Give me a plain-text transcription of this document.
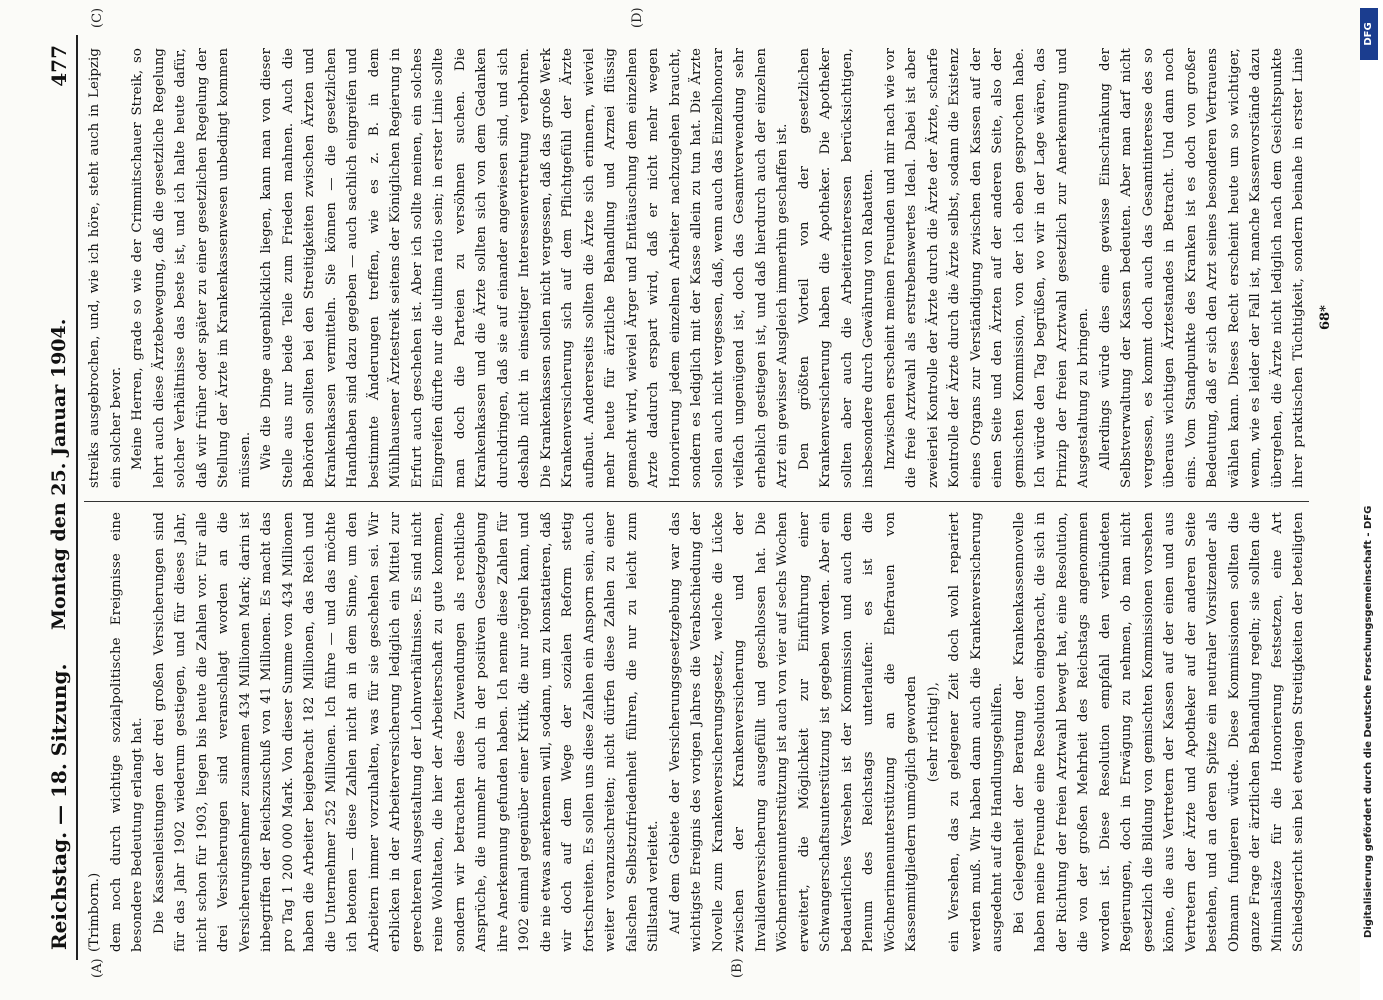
Reichstag. — 18. Sitzung.
Montag den 25. Januar 1904.
477
(A)	(B)
(C)	(D)

(Trimborn.) dem noch durch wichtige sozialpolitische Ereignisse eine besondere Bedeutung erlangt hat. Die Kassenleistungen der drei großen Versicherungen sind für das Jahr 1902 wiederum gestiegen, und für dieses Jahr, nicht schon für 1903, liegen bis heute die Zahlen vor. Für alle drei Versicherungen sind veranschlagt worden an die Versicherungsnehmer zusammen 434 Millionen Mark; darin ist inbegriffen der Reichszuschuß von 41 Millionen. Es macht das pro Tag 1 200 000 Mark. Von dieser Summe von 434 Millionen haben die Arbeiter beigebracht 182 Millionen, das Reich und die Unternehmer 252 Millionen. Ich führe — und das möchte ich betonen — diese Zahlen nicht an in dem Sinne, um den Arbeitern immer vorzuhalten, was für sie geschehen sei. Wir erblicken in der Arbeiterversicherung lediglich ein Mittel zur gerechteren Ausgestaltung der Lohnverhältnisse. Es sind nicht reine Wohltaten, die hier der Arbeiterschaft zu gute kommen, sondern wir betrachten diese Zuwendungen als rechtliche Ansprüche, die nunmehr auch in der positiven Gesetzgebung ihre Anerkennung gefunden haben. Ich nenne diese Zahlen für 1902 einmal gegenüber einer Kritik, die nur nörgeln kann, und die nie etwas anerkennen will, sodann, um zu konstatieren, daß wir doch auf dem Wege der sozialen Reform stetig fortschreiten. Es sollen uns diese Zahlen ein Ansporn sein, auch weiter voranzuschreiten; nicht dürfen diese Zahlen zu einer falschen Selbstzufriedenheit führen, die nur zu leicht zum Stillstand verleitet. Auf dem Gebiete der Versicherungsgesetzgebung war das wichtigste Ereignis des vorigen Jahres die Verabschiedung der Novelle zum Krankenversicherungsgesetz, welche die Lücke zwischen der Krankenversicherung und der Invalidenversicherung ausgefüllt und geschlossen hat. Die Wöchnerinnenunterstützung ist auch von vier auf sechs Wochen erweitert, die Möglichkeit zur Einführung einer Schwangerschaftsunterstützung ist gegeben worden. Aber ein bedauerliches Versehen ist der Kommission und auch dem Plenum des Reichstags unterlaufen: es ist die Wöchnerinnenunterstützung an die Ehefrauen von Kassenmitgliedern unmöglich geworden (sehr richtig!), ein Versehen, das zu gelegener Zeit doch wohl repariert werden muß. Wir haben dann auch die Krankenversicherung ausgedehnt auf die Handlungsgehilfen. Bei Gelegenheit der Beratung der Krankenkassennovelle haben meine Freunde eine Resolution eingebracht, die sich in der Richtung der freien Arztwahl bewegt hat, eine Resolution, die von der großen Mehrheit des Reichstags angenommen worden ist. Diese Resolution empfahl den verbündeten Regierungen, doch in Erwägung zu nehmen, ob man nicht gesetzlich die Bildung von gemischten Kommissionen vorsehen könne, die aus Vertretern der Kassen auf der einen und aus Vertretern der Ärzte und Apotheker auf der anderen Seite bestehen, und an deren Spitze ein neutraler Vorsitzender als Obmann fungieren würde. Diese Kommissionen sollten die ganze Frage der ärztlichen Behandlung regeln; sie sollten die Minimalsätze für die Honorierung festsetzen, eine Art Schiedsgericht sein bei etwaigen Streitigkeiten der beteiligten

streiks ausgebrochen, und, wie ich höre, steht auch in Leipzig ein solcher bevor. Meine Herren, grade so wie der Crimmitschauer Streik, so lehrt auch diese Ärztebewegung, daß die gesetzliche Regelung solcher Verhältnisse das beste ist, und ich halte heute dafür, daß wir früher oder später zu einer gesetzlichen Regelung der Stellung der Ärzte im Krankenkassenwesen unbedingt kommen müssen. Wie die Dinge augenblicklich liegen, kann man von dieser Stelle aus nur beide Teile zum Frieden mahnen. Auch die Behörden sollten bei den Streitigkeiten zwischen Ärzten und Krankenkassen vermitteln. Sie können — die gesetzlichen Handhaben sind dazu gegeben — auch sachlich eingreifen und bestimmte Änderungen treffen, wie es z. B. in dem Mühlhausener Ärztestreik seitens der Königlichen Regierung in Erfurt auch geschehen ist. Aber ich sollte meinen, ein solches Eingreifen dürfte nur die ultima ratio sein; in erster Linie sollte man doch die Parteien zu versöhnen suchen. Die Krankenkassen und die Ärzte sollten sich von dem Gedanken durchdringen, daß sie auf einander angewiesen sind, und sich deshalb nicht in einseitiger Interessenvertretung verbohren. Die Krankenkassen sollen nicht vergessen, daß das große Werk Krankenversicherung sich auf dem Pflichtgefühl der Ärzte aufbaut. Andererseits sollten die Ärzte sich erinnern, wieviel mehr heute für ärztliche Behandlung und Arznei flüssig gemacht wird, wieviel Ärger und Enttäuschung dem einzelnen Arzte dadurch erspart wird, daß er nicht mehr wegen Honorierung jedem einzelnen Arbeiter nachzugehen braucht, sondern es lediglich mit der Kasse allein zu tun hat. Die Ärzte sollen auch nicht vergessen, daß, wenn auch das Einzelhonorar vielfach ungenügend ist, doch das Gesamtverwendung sehr erheblich gestiegen ist, und daß hierdurch auch der einzelnen Arzt ein gewisser Ausgleich immerhin geschaffen ist. Den größten Vorteil von der gesetzlichen Krankenversicherung haben die Apotheker. Die Apotheker sollten aber auch die Arbeiterinteressen berücksichtigen, insbesondere durch Gewährung von Rabatten. Inzwischen erscheint meinen Freunden und mir nach wie vor die freie Arztwahl als erstrebenswertes Ideal. Dabei ist aber zweierlei Kontrolle der Ärzte durch die Ärzte der Ärzte, scharfe Kontrolle der Ärzte durch die Ärzte selbst, sodann die Existenz eines Organs zur Verständigung zwischen den Kassen auf der einen Seite und den Ärzten auf der anderen Seite, also der gemischten Kommission, von der ich eben gesprochen habe. Ich würde den Tag begrüßen, wo wir in der Lage wären, das Prinzip der freien Arztwahl gesetzlich zur Anerkennung und Ausgestaltung zu bringen. Allerdings würde dies eine gewisse Einschränkung der Selbstverwaltung der Kassen bedeuten. Aber man darf nicht vergessen, es kommt doch auch das Gesamtinteresse des so überaus wichtigen Ärztestandes in Betracht. Und dann noch eins. Vom Standpunkte des Kranken ist es doch von großer Bedeutung, daß er sich den Arzt seines besonderen Vertrauens wählen kann. Dieses Recht erscheint heute um so wichtiger, wenn, wie es leider der Fall ist, manche Kassenvorstände dazu übergehen, die Ärzte nicht lediglich nach dem Gesichtspunkte ihrer praktischen Tüchtigkeit, sondern beinahe in erster Linie

68*
DFG
Digitalisierung gefördert durch die Deutsche Forschungsgemeinschaft - DFG
